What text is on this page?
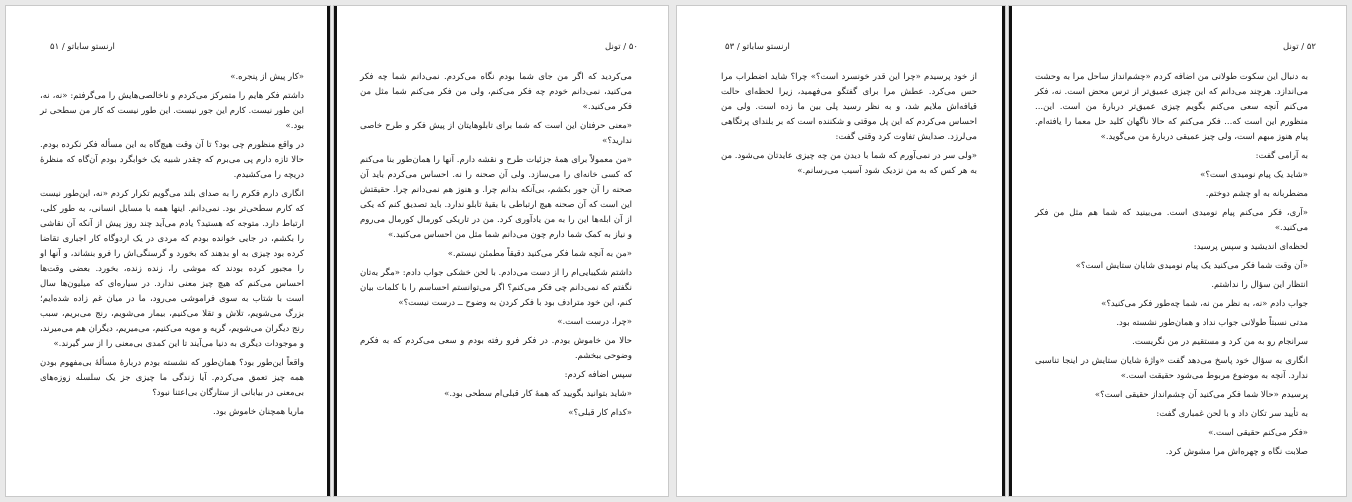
ارنستو ساباتو / ۵۱

«کار پیش از پنجره.»

داشتم فکر هایم را متمرکز می‌کردم و ناخالصی‌هایش را می‌گرفتم: «نه، نه، این طور نیست. کارم این جور نیست. این طور نیست که کار من سطحی تر بود.»

در واقع منظورم چی بود؟ تا آن وقت هیچ‌گاه به این مسأله فکر نکرده بودم. حالا تازه دارم پی می‌برم که چقدر شبیه یک خوابگرد بودم آن‌گاه که منظرهٔ دریچه را می‌کشیدم.

انگاری دارم فکرم را به صدای بلند می‌گویم تکرار کردم «نه، این‌طور نیست که کارم سطحی‌تر بود. نمی‌دانم. اینها همه با مسایل انسانی، به طور کلی، ارتباط دارد. متوجه که هستید؟ یادم می‌آید چند روز پیش از آنکه آن نقاشی را بکشم، در جایی خوانده بودم که مردی در یک اردوگاه کار اجباری تقاضا کرده بود چیزی به او بدهند که بخورد و گرسنگی‌اش را فرو بنشاند، و آنها او را مجبور کرده بودند که موشی را، زنده زنده، بخورد. بعضی وقت‌ها احساس می‌کنم که هیچ چیز معنی ندارد. در سیاره‌ای که میلیون‌ها سال است با شتاب به سوی فراموشی می‌رود، ما در میان غم زاده شده‌ایم؛ بزرگ می‌شویم، تلاش و تقلا می‌کنیم، بیمار می‌شویم، رنج می‌بریم، سبب رنج دیگران می‌شویم، گریه و مویه می‌کنیم، می‌میریم، دیگران هم می‌میرند، و موجودات دیگری به دنیا می‌آیند تا این کمدی بی‌معنی را از سر گیرند.»

واقعاً این‌طور بود؟ همان‌طور که نشسته بودم دربارهٔ مسألهٔ بی‌مفهوم بودن همه چیز تعمق می‌کردم. آیا زندگی ما چیزی جز یک سلسله زوزه‌های بی‌معنی در بیابانی از ستارگان بی‌اعتنا نبود؟

ماریا همچنان خاموش بود.

۵۰ / تونل

می‌کردید که اگر من جای شما بودم نگاه می‌کردم. نمی‌دانم شما چه فکر می‌کنید، نمی‌دانم خودم چه فکر می‌کنم، ولی من فکر می‌کنم شما مثل من فکر می‌کنید.»

«معنی حرفتان این است که شما برای تابلوهایتان از پیش فکر و طرح خاصی ندارید؟»

«من معمولاً برای همهٔ جزئیات طرح و نقشه دارم. آنها را همان‌طور بنا می‌کنم که کسی خانه‌ای را می‌سازد. ولی آن صحنه را نه. احساس می‌کردم باید آن صحنه را آن جور بکشم، بی‌آنکه بدانم چرا. و هنوز هم نمی‌دانم چرا. حقیقتش این است که آن صحنه هیچ ارتباطی با بقیهٔ تابلو ندارد. باید تصدیق کنم که یکی از آن ابله‌ها این را به من یادآوری کرد. من در تاریکی کورمال کورمال می‌روم و نیاز به کمک شما دارم چون می‌دانم شما مثل من احساس می‌کنید.»

«من به آنچه شما فکر می‌کنید دقیقاً مطمئن نیستم.»

داشتم شکیبایی‌ام را از دست می‌دادم. با لحن خشکی جواب دادم: «مگر به‌تان نگفتم که نمی‌دانم چی فکر می‌کنم؟ اگر می‌توانستم احساسم را با کلمات بیان کنم، این خود مترادف بود با فکر کردن به وضوح ــ درست نیست؟»

«چرا، درست است.»

حالا من خاموش بودم. در فکر فرو رفته بودم و سعی می‌کردم که به فکرم وضوحی ببخشم.

سپس اضافه کردم:

«شاید بتوانید بگویید که همهٔ کار قبلی‌ام سطحی بود.»

«کدام کار قبلی؟»

ارنستو ساباتو / ۵۳

از خود پرسیدم «چرا این قدر خونسرد است؟» چرا؟ شاید اضطراب مرا حس می‌کرد. عطش مرا برای گفتگو می‌فهمید، زیرا لحظه‌ای حالت قیافه‌اش ملایم شد، و به نظر رسید پلی بین ما زده است. ولی من احساس می‌کردم که این پل موقتی و شکننده است که بر بلندای پرتگاهی می‌لرزد. صدایش تفاوت کرد وقتی گفت:

«ولی سر در نمی‌آورم که شما با دیدن من چه چیزی عایدتان می‌شود. من به هر کس که به من نزدیک شود آسیب می‌رسانم.»

۵۲ / تونل

به دنبال این سکوت طولانی من اضافه کردم «چشم‌انداز ساحل مرا به وحشت می‌اندازد. هرچند می‌دانم که این چیزی عمیق‌تر از ترس محض است. نه، فکر می‌کنم آنچه سعی می‌کنم بگویم چیزی عمیق‌تر دربارهٔ من است. این... منظورم این است که... فکر می‌کنم که حالا ناگهان کلید حل معما را یافته‌ام. پیام هنوز مبهم است، ولی چیز عمیقی دربارهٔ من می‌گوید.»

به آرامی گفت:

«شاید یک پیام نومیدی است؟»

مضطربانه به او چشم دوختم.

«آری، فکر می‌کنم پیام نومیدی است. می‌بینید که شما هم مثل من فکر می‌کنید.»

لحظه‌ای اندیشید و سپس پرسید:

«آن وقت شما فکر می‌کنید یک پیام نومیدی شایان ستایش است؟»

انتظار این سؤال را نداشتم.

جواب دادم «نه، به نظر من نه، شما چه‌طور فکر می‌کنید؟»

مدتی نسبتاً طولانی جواب نداد و همان‌طور نشسته بود.

سرانجام رو به من کرد و مستقیم در من نگریست.

انگاری به سؤال خود پاسخ می‌دهد گفت «واژهٔ شایان ستایش در اینجا تناسبی ندارد. آنچه به موضوع مربوط می‌شود حقیقت است.»

پرسیدم «حالا شما فکر می‌کنید آن چشم‌انداز حقیقی است؟»

به تأیید سر تکان داد و با لحن غمباری گفت:

«فکر می‌کنم حقیقی است.»

صلابت نگاه و چهره‌اش مرا مشوش کرد.
